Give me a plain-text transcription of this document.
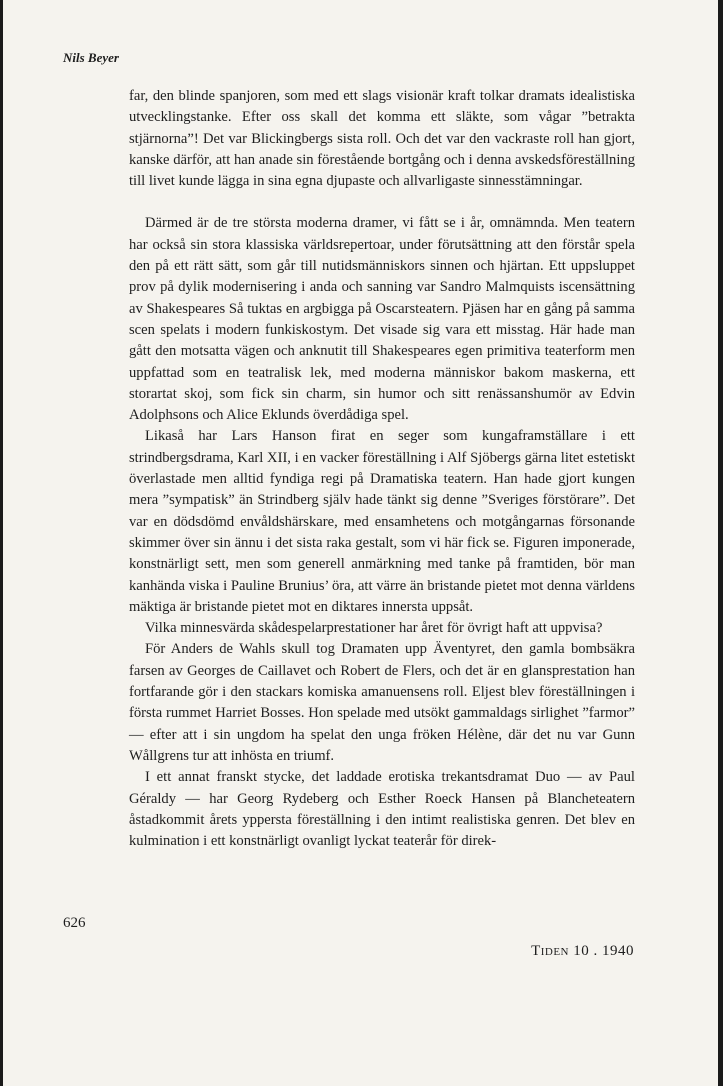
Nils Beyer

far, den blinde spanjoren, som med ett slags visionär kraft tolkar dramats idealistiska utvecklingstanke. Efter oss skall det komma ett släkte, som vågar ”betrakta stjärnorna”! Det var Blickingbergs sista roll. Och det var den vackraste roll han gjort, kanske därför, att han anade sin förestående bortgång och i denna avskedsföreställning till livet kunde lägga in sina egna djupaste och allvarligaste sinnesstämningar.

Därmed är de tre största moderna dramer, vi fått se i år, omnämnda. Men teatern har också sin stora klassiska världsrepertoar, under förutsättning att den förstår spela den på ett rätt sätt, som går till nutidsmänniskors sinnen och hjärtan. Ett uppsluppet prov på dylik modernisering i anda och sanning var Sandro Malmquists iscensättning av Shakespeares Så tuktas en argbigga på Oscarsteatern. Pjäsen har en gång på samma scen spelats i modern funkiskostym. Det visade sig vara ett misstag. Här hade man gått den motsatta vägen och anknutit till Shakespeares egen primitiva teaterform men uppfattad som en teatralisk lek, med moderna människor bakom maskerna, ett storartat skoj, som fick sin charm, sin humor och sitt renässanshumör av Edvin Adolphsons och Alice Eklunds överdådiga spel.

Likaså har Lars Hanson firat en seger som kungaframställare i ett strindbergsdrama, Karl XII, i en vacker föreställning i Alf Sjöbergs gärna litet estetiskt överlastade men alltid fyndiga regi på Dramatiska teatern. Han hade gjort kungen mera ”sympatisk” än Strindberg själv hade tänkt sig denne ”Sveriges förstörare”. Det var en dödsdömd envåldshärskare, med ensamhetens och motgångarnas försonande skimmer över sin ännu i det sista raka gestalt, som vi här fick se. Figuren imponerade, konstnärligt sett, men som generell anmärkning med tanke på framtiden, bör man kanhända viska i Pauline Brunius’ öra, att värre än bristande pietet mot denna världens mäktiga är bristande pietet mot en diktares innersta uppsåt.

Vilka minnesvärda skådespelarprestationer har året för övrigt haft att uppvisa?

För Anders de Wahls skull tog Dramaten upp Äventyret, den gamla bombsäkra farsen av Georges de Caillavet och Robert de Flers, och det är en glansprestation han fortfarande gör i den stackars komiska amanuensens roll. Eljest blev föreställningen i första rummet Harriet Bosses. Hon spelade med utsökt gammaldags sirlighet ”farmor” — efter att i sin ungdom ha spelat den unga fröken Hélène, där det nu var Gunn Wållgrens tur att inhösta en triumf.

I ett annat franskt stycke, det laddade erotiska trekantsdramat Duo — av Paul Géraldy — har Georg Rydeberg och Esther Roeck Hansen på Blancheteatern åstadkommit årets yppersta föreställning i den intimt realistiska genren. Det blev en kulmination i ett konstnärligt ovanligt lyckat teaterår för direk-

626
Tiden 10 . 1940
